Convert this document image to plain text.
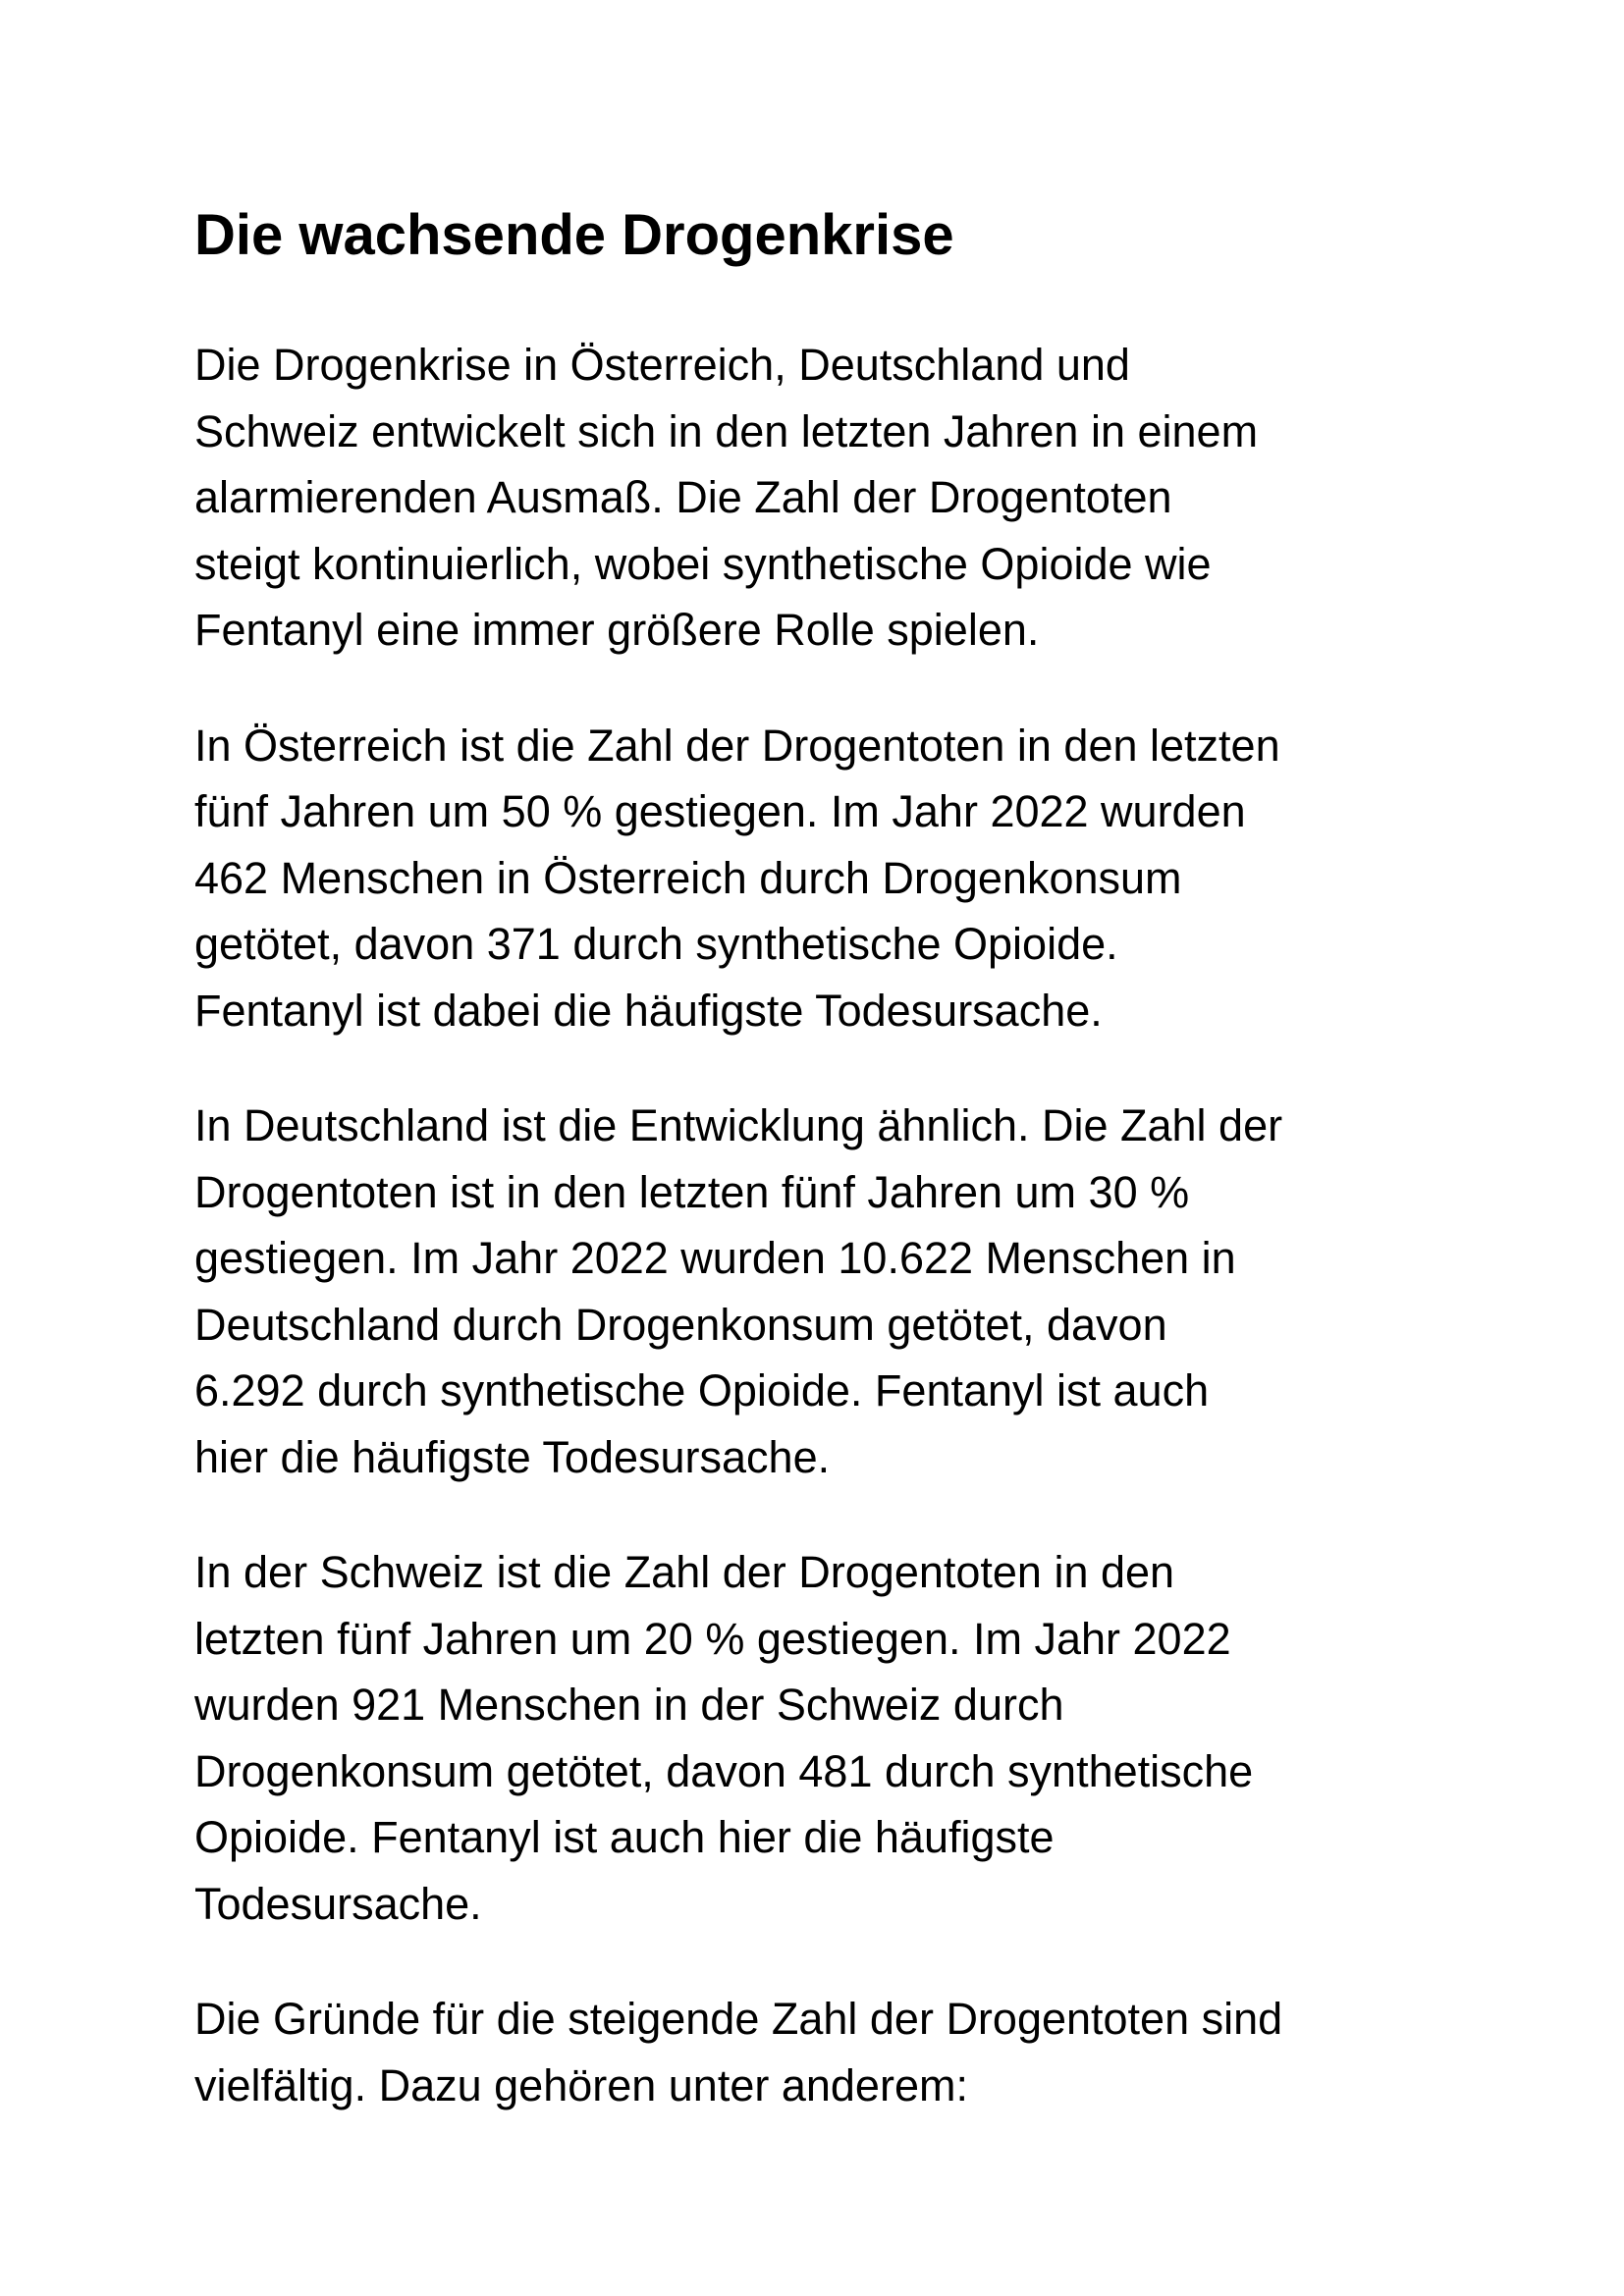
Die wachsende Drogenkrise

Die Drogenkrise in Österreich, Deutschland und
Schweiz entwickelt sich in den letzten Jahren in einem
alarmierenden Ausmaß. Die Zahl der Drogentoten
steigt kontinuierlich, wobei synthetische Opioide wie
Fentanyl eine immer größere Rolle spielen.

In Österreich ist die Zahl der Drogentoten in den letzten
fünf Jahren um 50 % gestiegen. Im Jahr 2022 wurden
462 Menschen in Österreich durch Drogenkonsum
getötet, davon 371 durch synthetische Opioide.
Fentanyl ist dabei die häufigste Todesursache.

In Deutschland ist die Entwicklung ähnlich. Die Zahl der
Drogentoten ist in den letzten fünf Jahren um 30 %
gestiegen. Im Jahr 2022 wurden 10.622 Menschen in
Deutschland durch Drogenkonsum getötet, davon
6.292 durch synthetische Opioide. Fentanyl ist auch
hier die häufigste Todesursache.

In der Schweiz ist die Zahl der Drogentoten in den
letzten fünf Jahren um 20 % gestiegen. Im Jahr 2022
wurden 921 Menschen in der Schweiz durch
Drogenkonsum getötet, davon 481 durch synthetische
Opioide. Fentanyl ist auch hier die häufigste
Todesursache.

Die Gründe für die steigende Zahl der Drogentoten sind
vielfältig. Dazu gehören unter anderem:
